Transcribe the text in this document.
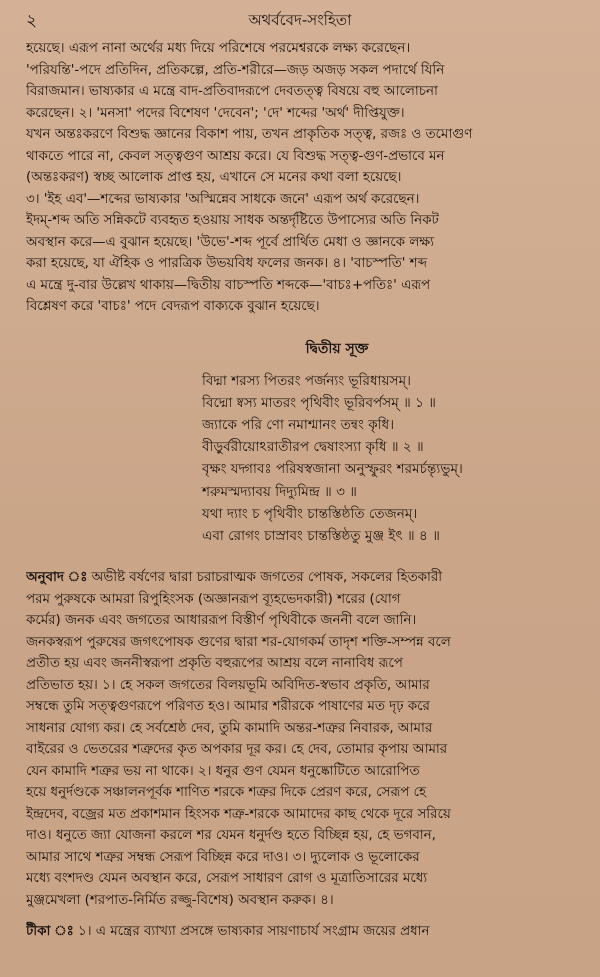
২	অথর্ববেদ-সংহিতা
হয়েছে। এরূপ নানা অর্থের মধ্য দিয়ে পরিশেষে পরমেশ্বরকে লক্ষ্য করেছেন।
'পরিযন্তি'-পদে প্রতিদিন, প্রতিকল্পে, প্রতি-শরীরে—জড় অজড় সকল পদার্থে যিনি
বিরাজমান। ভাষ্যকার এ মন্ত্রে বাদ-প্রতিবাদরূপে দেবতত্ত্ব বিষয়ে বহু আলোচনা
করেছেন। ২। 'মনসা' পদের বিশেষণ 'দেবেন'; 'দে' শব্দের 'অর্থ' দীপ্তিযুক্ত।
যখন অন্তঃকরণে বিশুদ্ধ জ্ঞানের বিকাশ পায়, তখন প্রাকৃতিক সত্ত্ব, রজঃ ও তমোগুণ
থাকতে পারে না, কেবল সত্ত্বগুণ আশ্রয় করে। যে বিশুদ্ধ সত্ত্ব-গুণ-প্রভাবে মন
(অন্তঃকরণ) স্বচ্ছ আলোক প্রাপ্ত হয়, এখানে সে মনের কথা বলা হয়েছে।
৩। 'ইহ এব'—শব্দের ভাষ্যকার 'অস্মিন্নেব সাধকে জনে' এরূপ অর্থ করেছেন।
ইদম্-শব্দ অতি সন্নিকটে ব্যবহৃত হওয়ায় সাধক অন্তর্দৃষ্টিতে উপাস্যের অতি নিকট
অবস্থান করে—এ বুঝান হয়েছে। 'উভে'-শব্দ পূর্বে প্রার্থিত মেধা ও জ্ঞানকে লক্ষ্য
করা হয়েছে, যা ঐহিক ও পারত্রিক উভয়বিধ ফলের জনক। ৪। 'বাচস্পতি' শব্দ
এ মন্ত্রে দু-বার উল্লেখ থাকায়—দ্বিতীয় বাচস্পতি শব্দকে—'বাচঃ+পতিঃ' এরূপ
বিশ্লেষণ করে 'বাচঃ' পদে বেদরূপ বাক্যকে বুঝান হয়েছে।
দ্বিতীয় সূক্ত
বিদ্মা শরস্য পিতরং পর্জন্যং ভূরিধায়সম্।
বিদ্মো ষ্বস্য মাতরং পৃথিবীং ভূরিবর্পসম্ ॥ ১ ॥
জ্যাকে পরি ণো নমাশ্মানং তন্বং কৃধি।
বীড়ুর্বরীয়োঽরাতীরপ দ্বেষাংস্যা কৃধি ॥ ২ ॥
বৃক্ষং যদ্গাবঃ পরিষস্বজানা অনুস্ফুরং শরমর্চন্ত্যৃভুম্।
শরুমস্মদ্যাবয় দিদ্যুমিন্দ্র ॥ ৩ ॥
যথা দ্যাং চ পৃথিবীং চান্তস্তিষ্ঠতি তেজনম্।
এবা রোগং চাস্রাবং চান্তস্তিষ্ঠতু মুঞ্জ ইৎ ॥ ৪ ॥
অনুবাদ ঃ অভীষ্ট বর্ষণের দ্বারা চরাচরাত্মক জগতের পোষক, সকলের হিতকারী
পরম পুরুষকে আমরা রিপুহিংসক (অজ্ঞানরূপ ব্যূহভেদকারী) শরের (যোগ
কর্মের) জনক এবং জগতের আধাররূপ বিস্তীর্ণ পৃথিবীকে জননী বলে জানি।
জনকস্বরূপ পুরুষের জগৎপোষক গুণের দ্বারা শর-যোগকর্ম তাদৃশ শক্তি-সম্পন্ন বলে
প্রতীত হয় এবং জননীস্বরূপা প্রকৃতি বহুরূপের আশ্রয় বলে নানাবিধ রূপে
প্রতিভাত হয়। ১। হে সকল জগতের বিলয়ভূমি অবিদিত-স্বভাব প্রকৃতি, আমার
সম্বন্ধে তুমি সত্ত্বগুণরূপে পরিণত হও। আমার শরীরকে পাষাণের মত দৃঢ় করে
সাধনার যোগ্য কর। হে সর্বশ্রেষ্ঠ দেব, তুমি কামাদি অন্তর-শত্রুর নিবারক, আমার
বাইরের ও ভেতরের শত্রুদের কৃত অপকার দূর কর। হে দেব, তোমার কৃপায় আমার
যেন কামাদি শত্রুর ভয় না থাকে। ২। ধনুর গুণ যেমন ধনুষ্কোটিতে আরোপিত
হয়ে ধনুর্দণ্ডকে সঞ্চালনপূর্বক শাণিত শরকে শত্রুর দিকে প্রেরণ করে, সেরূপ হে
ইন্দ্রদেব, বজ্রের মত প্রকাশমান হিংসক শত্রু-শরকে আমাদের কাছ থেকে দূরে সরিয়ে
দাও। ধনুতে জ্যা যোজনা করলে শর যেমন ধনুর্দণ্ড হতে বিচ্ছিন্ন হয়, হে ভগবান,
আমার সাথে শত্রুর সম্বন্ধ সেরূপ বিচ্ছিন্ন করে দাও। ৩। দ্যুলোক ও ভূলোকের
মধ্যে বংশদণ্ড যেমন অবস্থান করে, সেরূপ সাধারণ রোগ ও মূত্রাতিসারের মধ্যে
মুঞ্জমেখলা (শরপাত-নির্মিত রজ্জু-বিশেষ) অবস্থান করুক। ৪।
টীকা ঃ ১। এ মন্ত্রের ব্যাখ্যা প্রসঙ্গে ভাষ্যকার সায়ণাচার্য সংগ্রাম জয়ের প্রধান
